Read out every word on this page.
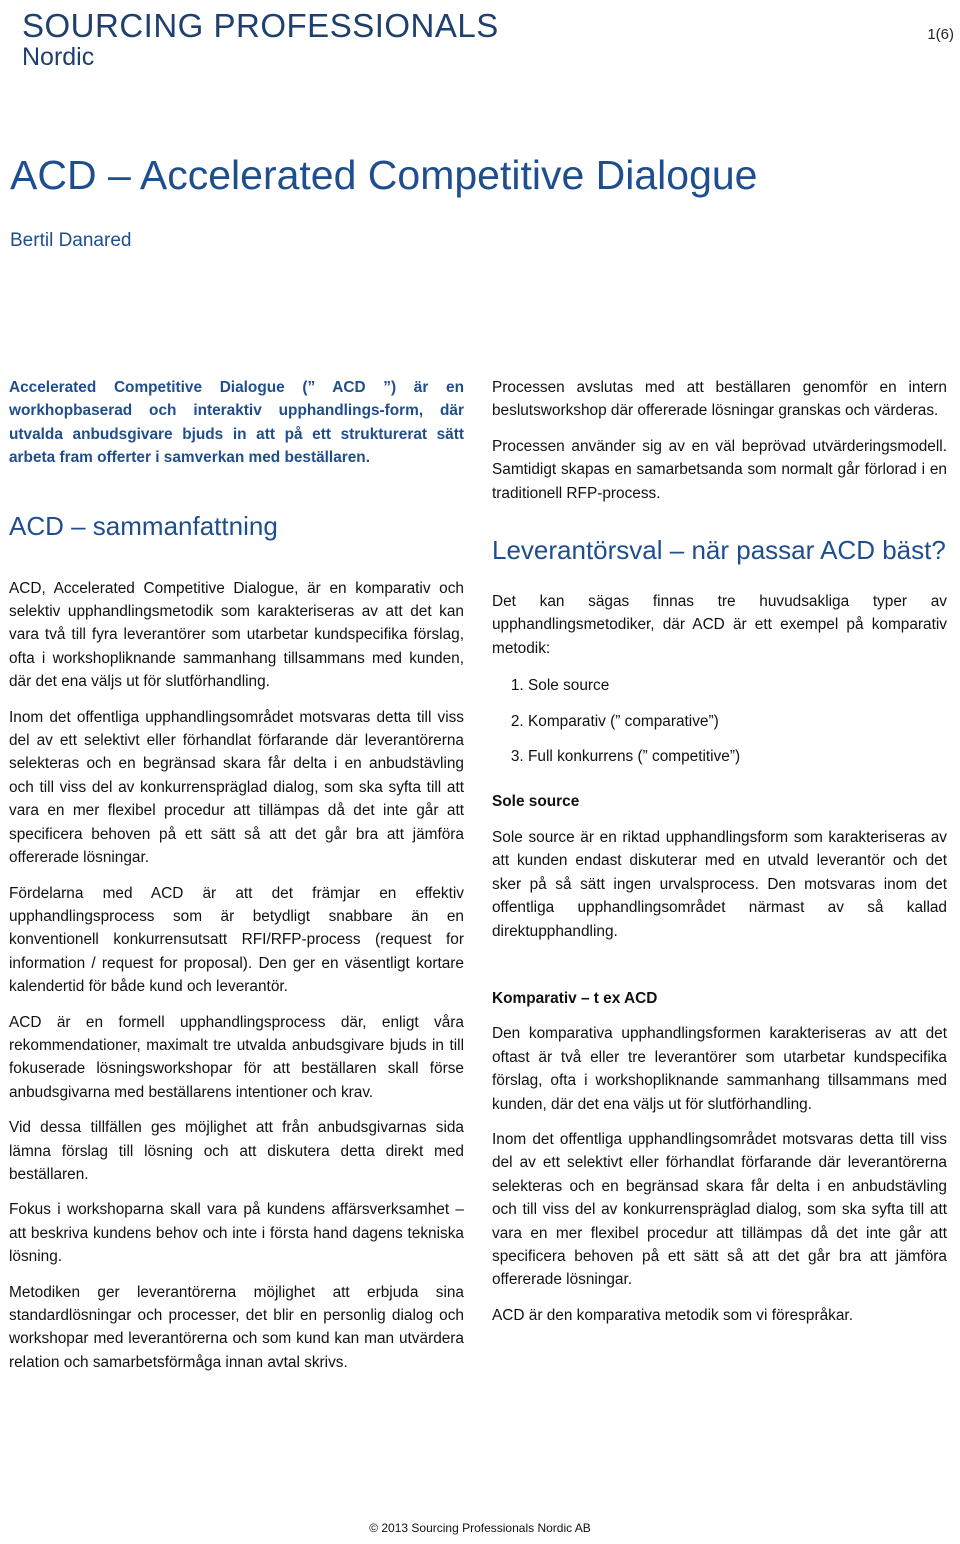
SOURCING PROFESSIONALS
Nordic
1(6)
ACD – Accelerated Competitive Dialogue
Bertil Danared

Accelerated Competitive Dialogue (” ACD ”) är en workhopbaserad och interaktiv upphandlings-form, där utvalda anbudsgivare bjuds in att på ett strukturerat sätt arbeta fram offerter i samverkan med beställaren.

ACD – sammanfattning

ACD, Accelerated Competitive Dialogue, är en komparativ och selektiv upphandlingsmetodik som karakteriseras av att det kan vara två till fyra leverantörer som utarbetar kundspecifika förslag, ofta i workshopliknande sammanhang tillsammans med kunden, där det ena väljs ut för slutförhandling.

Inom det offentliga upphandlingsområdet motsvaras detta till viss del av ett selektivt eller förhandlat förfarande där leverantörerna selekteras och en begränsad skara får delta i en anbudstävling och till viss del av konkurrenspräglad dialog, som ska syfta till att vara en mer flexibel procedur att tillämpas då det inte går att specificera behoven på ett sätt så att det går bra att jämföra offererade lösningar.

Fördelarna med ACD är att det främjar en effektiv upphandlingsprocess som är betydligt snabbare än en konventionell konkurrensutsatt RFI/RFP-process (request for information / request for proposal). Den ger en väsentligt kortare kalendertid för både kund och leverantör.

ACD är en formell upphandlingsprocess där, enligt våra rekommendationer, maximalt tre utvalda anbudsgivare bjuds in till fokuserade lösningsworkshopar för att beställaren skall förse anbudsgivarna med beställarens intentioner och krav.

Vid dessa tillfällen ges möjlighet att från anbudsgivarnas sida lämna förslag till lösning och att diskutera detta direkt med beställaren.

Fokus i workshoparna skall vara på kundens affärsverksamhet – att beskriva kundens behov och inte i första hand dagens tekniska lösning.

Metodiken ger leverantörerna möjlighet att erbjuda sina standardlösningar och processer, det blir en personlig dialog och workshopar med leverantörerna och som kund kan man utvärdera relation och samarbetsförmåga innan avtal skrivs.

Processen avslutas med att beställaren genomför en intern beslutsworkshop där offererade lösningar granskas och värderas.

Processen använder sig av en väl beprövad utvärderingsmodell. Samtidigt skapas en samarbetsanda som normalt går förlorad i en traditionell RFP-process.

Leverantörsval – när passar ACD bäst?

Det kan sägas finnas tre huvudsakliga typer av upphandlingsmetodiker, där ACD är ett exempel på komparativ metodik:

1. Sole source
2. Komparativ (” comparative”)
3. Full konkurrens (” competitive”)
Sole source

Sole source är en riktad upphandlingsform som karakteriseras av att kunden endast diskuterar med en utvald leverantör och det sker på så sätt ingen urvalsprocess. Den motsvaras inom det offentliga upphandlingsområdet närmast av så kallad direktupphandling.

Komparativ – t ex ACD

Den komparativa upphandlingsformen karakteriseras av att det oftast är två eller tre leverantörer som utarbetar kundspecifika förslag, ofta i workshopliknande sammanhang tillsammans med kunden, där det ena väljs ut för slutförhandling.

Inom det offentliga upphandlingsområdet motsvaras detta till viss del av ett selektivt eller förhandlat förfarande där leverantörerna selekteras och en begränsad skara får delta i en anbudstävling och till viss del av konkurrenspräglad dialog, som ska syfta till att vara en mer flexibel procedur att tillämpas då det inte går att specificera behoven på ett sätt så att det går bra att jämföra offererade lösningar.

ACD är den komparativa metodik som vi förespråkar.

© 2013 Sourcing Professionals Nordic AB
